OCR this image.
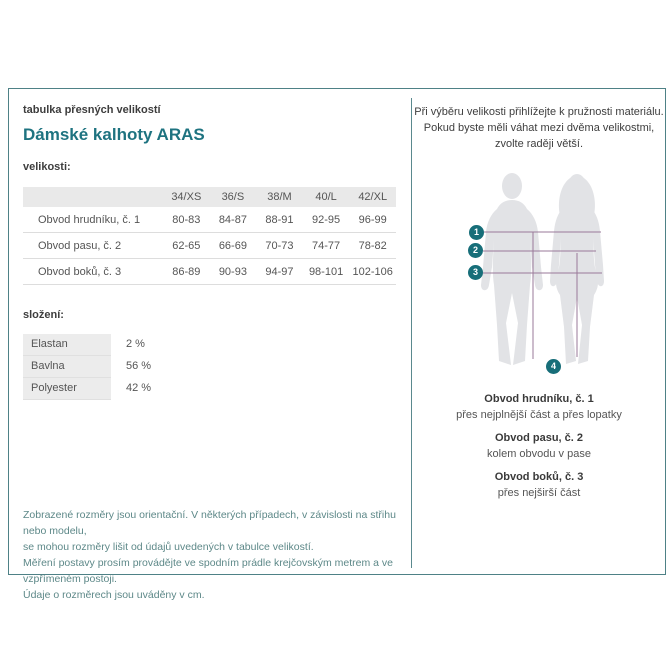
tabulka přesných velikostí
Dámské kalhoty ARAS
velikosti:
	34/XS	36/S	38/M	40/L	42/XL
Obvod hrudníku, č. 1	80-83	84-87	88-91	92-95	96-99
Obvod pasu, č. 2	62-65	66-69	70-73	74-77	78-82
Obvod boků, č. 3	86-89	90-93	94-97	98-101	102-106
složení:
Elastan	2 %
Bavlna	56 %
Polyester	42 %
Zobrazené rozměry jsou orientační. V některých případech, v závislosti na střihu nebo modelu,
se mohou rozměry lišit od údajů uvedených v tabulce velikostí.
Měření postavy prosím provádějte ve spodním prádle krejčovským metrem a ve vzpřímeném postoji.
Údaje o rozměrech jsou uváděny v cm.
Při výběru velikosti přihlížejte k pružnosti materiálu.
Pokud byste měli váhat mezi dvěma velikostmi,
zvolte raději větší.
1
2
3
4
Obvod hrudníku, č. 1
přes nejplnější část a přes lopatky
Obvod pasu, č. 2
kolem obvodu v pase
Obvod boků, č. 3
přes nejširší část
